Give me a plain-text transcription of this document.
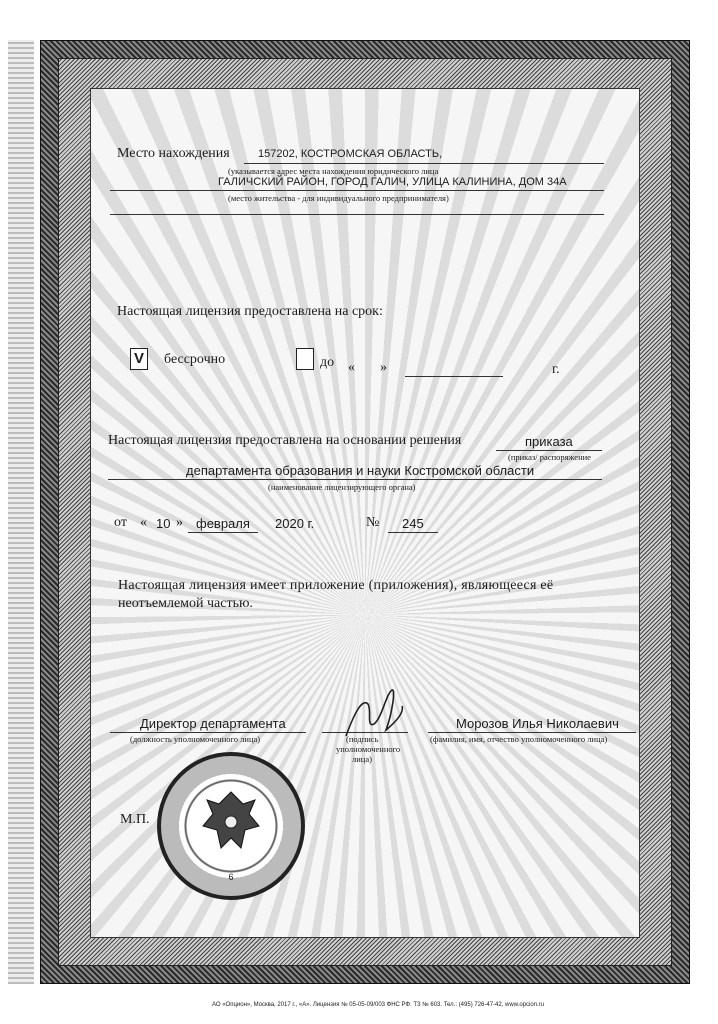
Место нахождения	157202, КОСТРОМСКАЯ ОБЛАСТЬ,
(указывается адрес места нахождения юридического лица
ГАЛИЧСКИЙ РАЙОН, ГОРОД ГАЛИЧ, УЛИЦА КАЛИНИНА, ДОМ 34А
(место жительства - для индивидуального предпринимателя)
Настоящая лицензия предоставлена на срок:
V бессрочно	до « »	г.
Настоящая лицензия предоставлена на основании решения	приказа
(приказ/ распоряжение
департамента образования и науки Костромской области
(наименование лицензирующего органа)
от « 10 » февраля 2020 г.	№ 245
Настоящая лицензия имеет приложение (приложения), являющееся её
неотъемлемой частью.
Директор департамента
(должность уполномоченного лица)	(подпись
уполномоченного
лица)
Морозов Илья Николаевич
(фамилия, имя, отчество уполномоченного лица)
М.П.
6
АО «Опцион», Москва, 2017 г., «А». Лицензия № 05-05-09/003 ФНС РФ. ТЗ № 603. Тел.: (495) 726-47-42, www.opcion.ru
